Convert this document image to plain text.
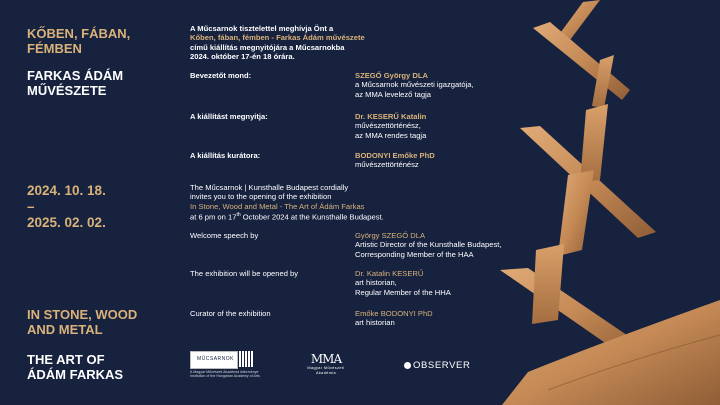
KŐBEN, FÁBAN,
FÉMBEN
FARKAS ÁDÁM
MŰVÉSZETE
2024. 10. 18.
–
2025. 02. 02.
IN STONE, WOOD
AND METAL
THE ART OF
ÁDÁM FARKAS
A Műcsarnok tisztelettel meghívja Önt a
Kőben, fában, fémben - Farkas Ádám művészete
című kiállítás megnyitójára a Műcsarnokba
2024. október 17-én 18 órára.
Bevezetőt mond:	SZEGŐ György DLA
a Műcsarnok művészeti igazgatója,
az MMA levelező tagja
A kiállítást megnyitja:	Dr. KESERŰ Katalin
művészettörténész,
az MMA rendes tagja
A kiállítás kurátora:	BODONYI Emőke PhD
művészettörténész
The Műcsarnok | Kunsthalle Budapest cordially
invites you to the opening of the exhibition
In Stone, Wood and Metal - The Art of Ádám Farkas
at 6 pm on 17th October 2024 at the Kunsthalle Budapest.
Welcome speech by	György SZEGŐ DLA
Artistic Director of the Kunsthalle Budapest,
Corresponding Member of the HAA
The exhibition will be opened by	Dr. Katalin KESERŰ
art historian,
Regular Member of the HHA
Curator of the exhibition	Emőke BODONYI PhD
art historian
MŰCSARNOK
A Magyar Művészeti Akadémia intézménye
Institution of the Hungarian Academy of Arts
MMA
Magyar Művészeti
Akadémia
OBSERVER
